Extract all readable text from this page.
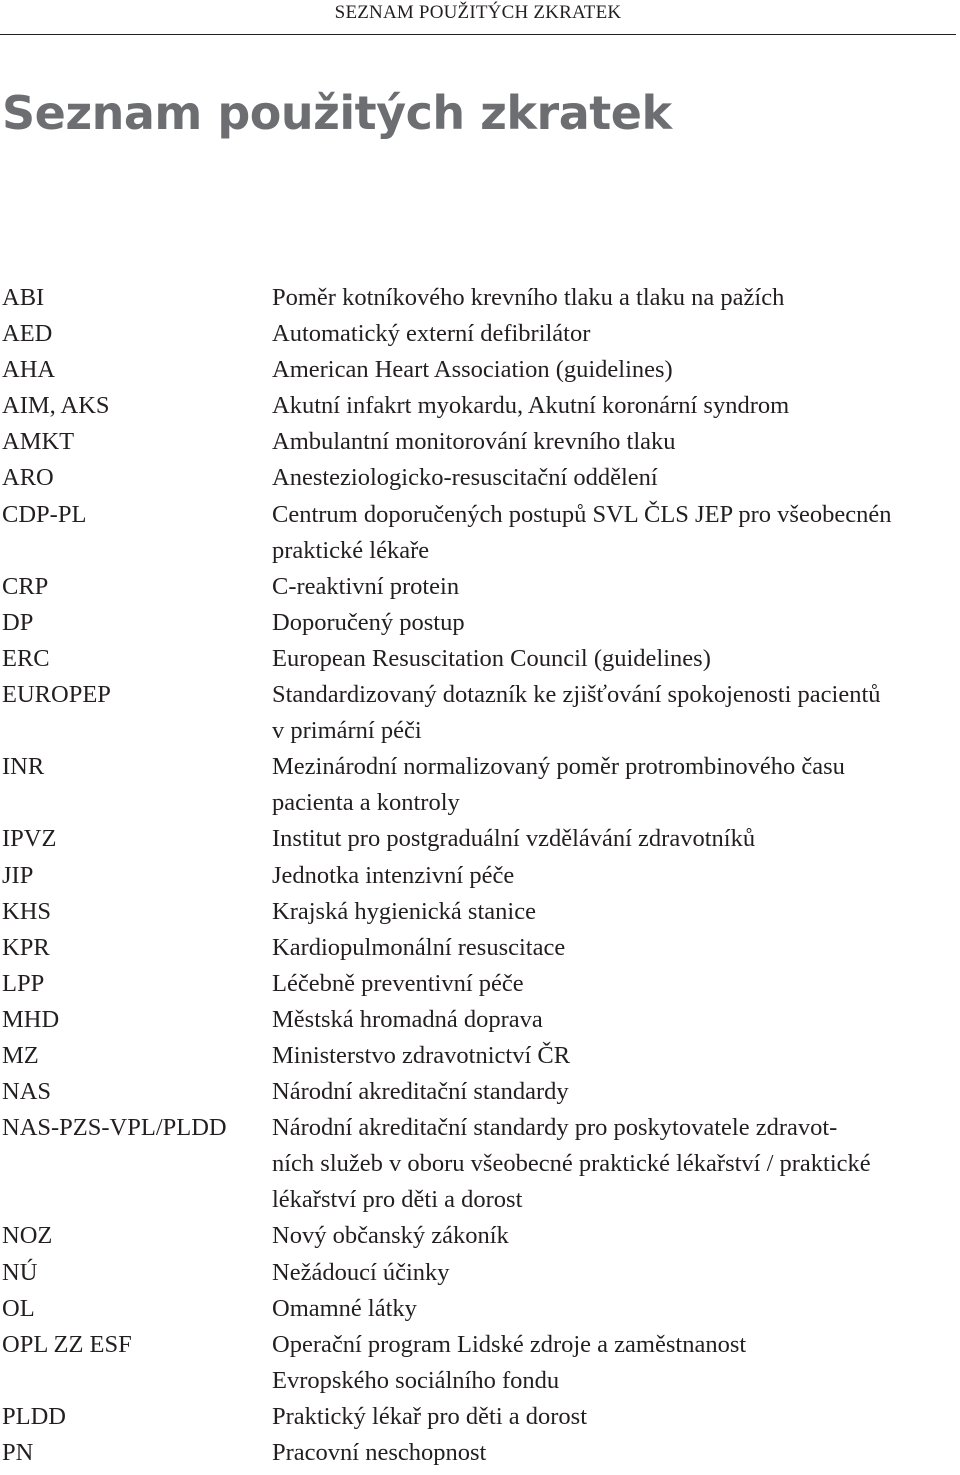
SEZNAM POUŽITÝCH ZKRATEK
Seznam použitých zkratek
ABI	Poměr kotníkového krevního tlaku a tlaku na pažích
AED	Automatický externí defibrilátor
AHA	American Heart Association (guidelines)
AIM, AKS	Akutní infakrt myokardu, Akutní koronární syndrom
AMKT	Ambulantní monitorování krevního tlaku
ARO	Anesteziologicko-resuscitační oddělení
CDP-PL	Centrum doporučených postupů SVL ČLS JEP pro všeobecnén
praktické lékaře
CRP	C-reaktivní protein
DP	Doporučený postup
ERC	European Resuscitation Council (guidelines)
EUROPEP	Standardizovaný dotazník ke zjišťování spokojenosti pacientů
v primární péči
INR	Mezinárodní normalizovaný poměr protrombinového času
pacienta a kontroly
IPVZ	Institut pro postgraduální vzdělávání zdravotníků
JIP	Jednotka intenzivní péče
KHS	Krajská hygienická stanice
KPR	Kardiopulmonální resuscitace
LPP	Léčebně preventivní péče
MHD	Městská hromadná doprava
MZ	Ministerstvo zdravotnictví ČR
NAS	Národní akreditační standardy
NAS-PZS-VPL/PLDD	Národní akreditační standardy pro poskytovatele zdravot-
ních služeb v oboru všeobecné praktické lékařství / praktické
lékařství pro děti a dorost
NOZ	Nový občanský zákoník
NÚ	Nežádoucí účinky
OL	Omamné látky
OPL ZZ ESF	Operační program Lidské zdroje a zaměstnanost
Evropského sociálního fondu
PLDD	Praktický lékař pro děti a dorost
PN	Pracovní neschopnost
